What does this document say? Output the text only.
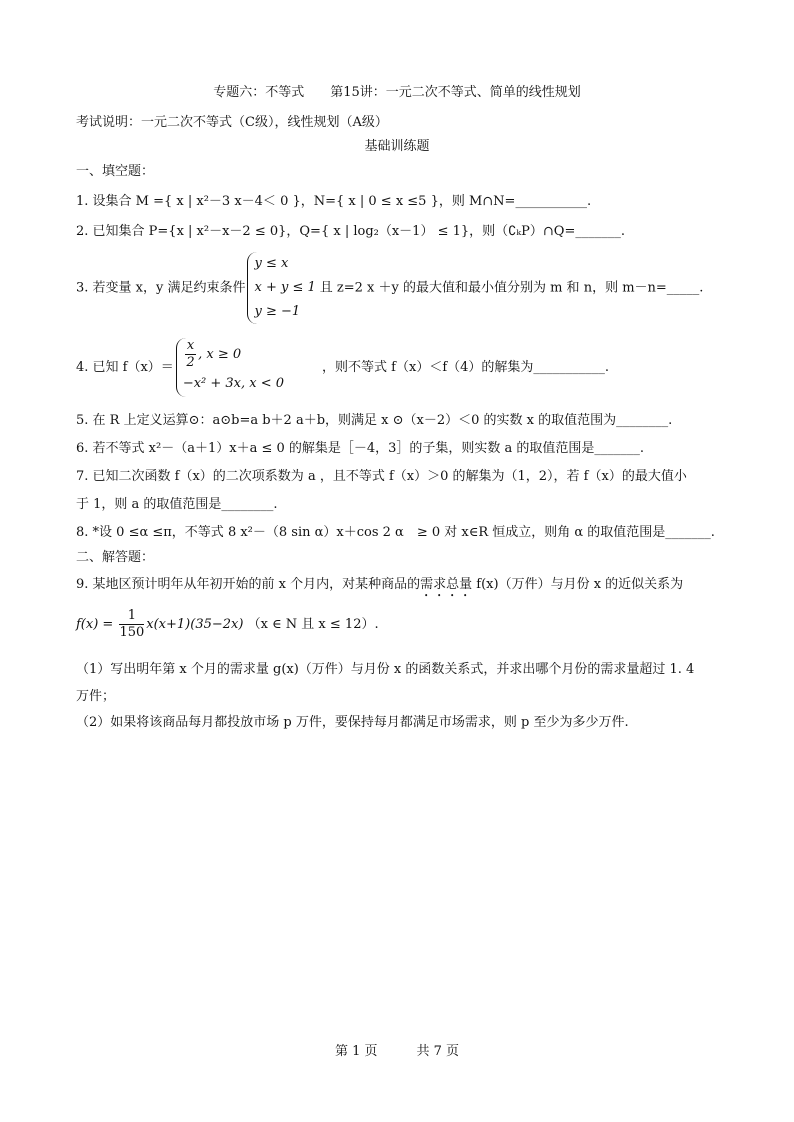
专题六：不等式　　第15讲：一元二次不等式、简单的线性规划
考试说明：一元二次不等式（C级），线性规划（A级）
基础训练题
一、填空题：
1. 设集合 M ={ x | x²－3 x－4＜ 0 }，N={ x | 0 ≤ x ≤5 }，则 M∩N=___________.
2. 已知集合 P={x | x²－x－2 ≤ 0}，Q={ x | log₂（x－1） ≤ 1}，则（∁ₖP）∩Q=_______.
3. 若变量 x，y 满足约束条件
y ≤ x
x + y ≤ 1
y ≥ −1
且 z=2 x ＋y 的最大值和最小值分别为 m 和 n，则 m－n=_____.
4. 已知 $f(x)= \frac{x}{2}$ , x ≥ 0
−x² + 3x, x < 0
，则不等式 f（x）＜f（4）的解集为___________.
5. 在 R 上定义运算⊙：a⊙b=a b＋2 a＋b，则满足 x ⊙（x－2）＜0 的实数 x 的取值范围为________.
6. 若不等式 x²－（a＋1）x＋a ≤ 0 的解集是［－4，3］的子集，则实数 a 的取值范围是_______.
7. 已知二次函数 f（x）的二次项系数为 a ，且不等式 f（x）＞0 的解集为（1，2），若 f（x）的最大值小
于 1，则 a 的取值范围是________.
8. *设 0 ≤α ≤π，不等式 8 x²－（8 sin α）x＋cos 2 α　≥ 0 对 x∈R 恒成立，则角 α 的取值范围是_______.
二、解答题：
9. 某地区预计明年从年初开始的前 x 个月内，对某种商品的需求总量 f(x)（万件）与月份 x 的近似关系为
$f(x) = \frac{1}{150} x(x+1)(35-2x)$ （x ∈ N 且 x ≤ 12）.
（1）写出明年第 x 个月的需求量 g(x)（万件）与月份 x 的函数关系式，并求出哪个月份的需求量超过 1. 4
万件；
（2）如果将该商品每月都投放市场 p 万件，要保持每月都满足市场需求，则 p 至少为多少万件.
第 1 页　　　共 7 页
